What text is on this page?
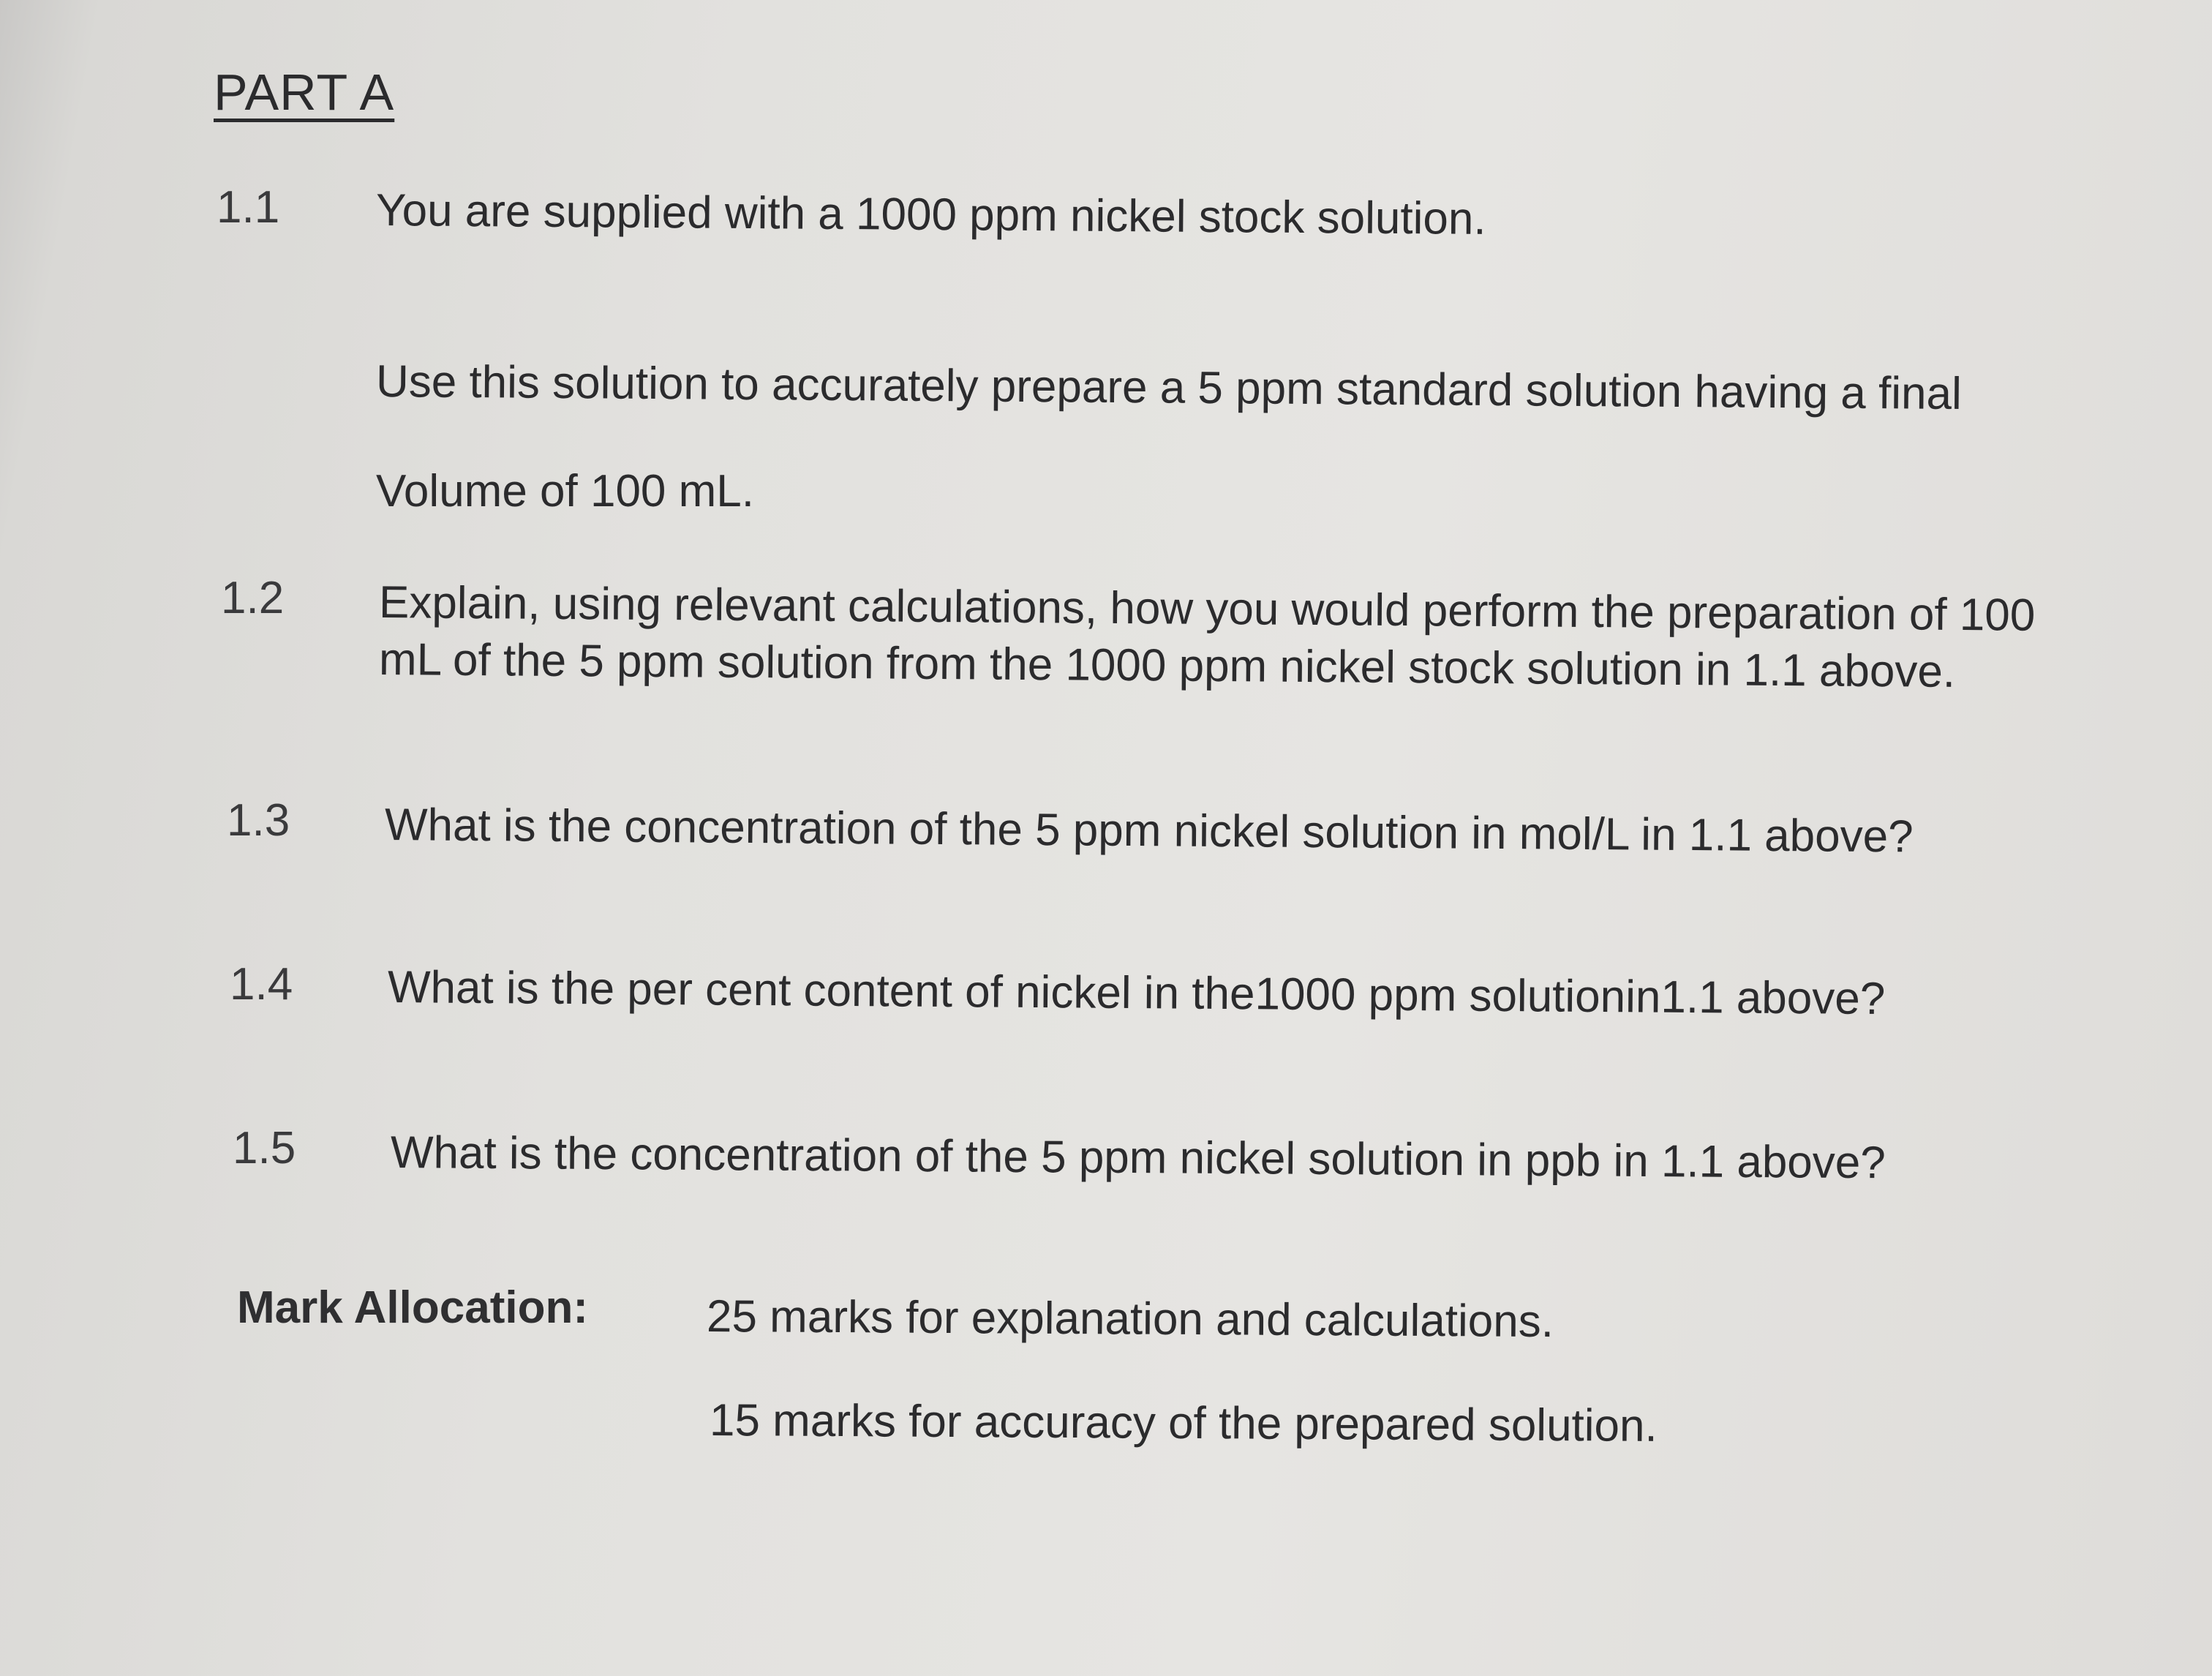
PART A
1.1 You are supplied with a 1000 ppm nickel stock solution.
Use this solution to accurately prepare a 5 ppm standard solution having a final
Volume of 100 mL.
1.2 Explain, using relevant calculations, how you would perform the preparation of 100
mL of the 5 ppm solution from the 1000 ppm nickel stock solution in 1.1 above.
1.3 What is the concentration of the 5 ppm nickel solution in mol/L in 1.1 above?
1.4 What is the per cent content of nickel in the1000 ppm solutionin1.1 above?
1.5 What is the concentration of the 5 ppm nickel solution in ppb in 1.1 above?
Mark Allocation:	25 marks for explanation and calculations.
15 marks for accuracy of the prepared solution.
